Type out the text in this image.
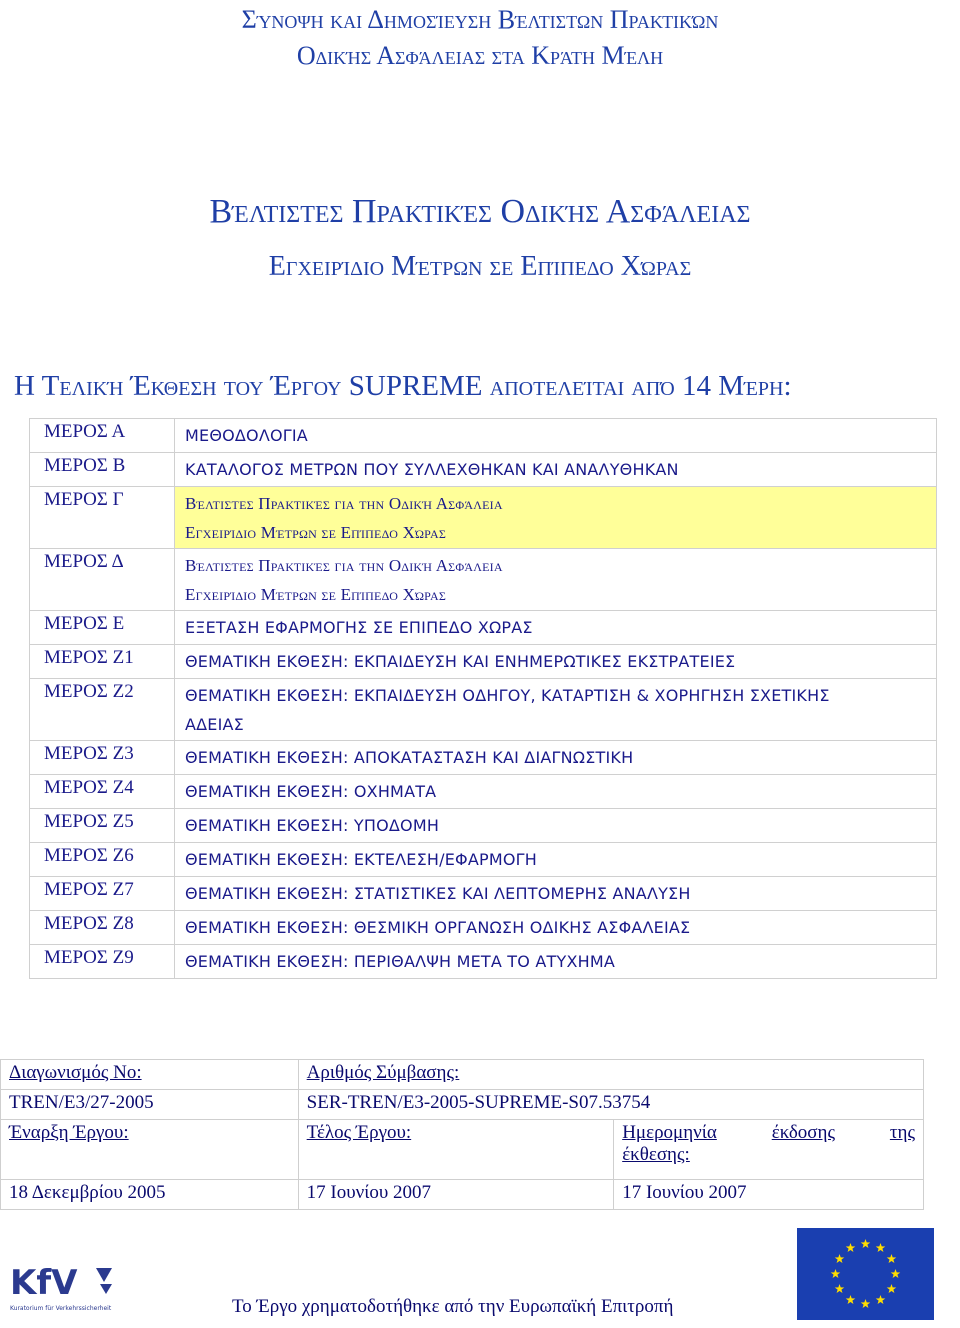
Σύνοψη και Δημοσίευση Βέλτιστων Πρακτικών
Οδικής Ασφάλειας στα Κράτη Μέλη
Βέλτιστες Πρακτικές Οδικής Ασφάλειας
Εγχειρίδιο Μέτρων σε Επίπεδο Χώρας
Η Τελική Έκθεση του Έργου SUPREME αποτελείται από 14 Μέρη:
ΜΕΡΟΣ Α	ΜΕΘΟΔΟΛΟΓΙΑ

ΜΕΡΟΣ Β	ΚΑΤΑΛΟΓΟΣ ΜΕΤΡΩΝ ΠΟΥ ΣΥΛΛΕΧΘΗΚΑΝ ΚΑΙ ΑΝΑΛΥΘΗΚΑΝ

ΜΕΡΟΣ Γ	Βέλτιστες Πρακτικές για την Οδική Ασφάλεια
Εγχειρίδιο Μέτρων σε Επίπεδο Χώρας

ΜΕΡΟΣ Δ	Βέλτιστες Πρακτικές για την Οδική Ασφάλεια
Εγχειρίδιο Μέτρων σε Επίπεδο Χώρας

ΜΕΡΟΣ Ε	ΕΞΕΤΑΣΗ ΕΦΑΡΜΟΓΗΣ ΣΕ ΕΠΙΠΕΔΟ ΧΩΡΑΣ

ΜΕΡΟΣ Ζ1	ΘΕΜΑΤΙΚΗ ΕΚΘΕΣΗ: ΕΚΠΑΙΔΕΥΣΗ ΚΑΙ ΕΝΗΜΕΡΩΤΙΚΕΣ ΕΚΣΤΡΑΤΕΙΕΣ

ΜΕΡΟΣ Ζ2	ΘΕΜΑΤΙΚΗ ΕΚΘΕΣΗ: ΕΚΠΑΙΔΕΥΣΗ ΟΔΗΓΟΥ, ΚΑΤΑΡΤΙΣΗ & ΧΟΡΗΓΗΣΗ ΣΧΕΤΙΚΗΣ
ΑΔΕΙΑΣ

ΜΕΡΟΣ Ζ3	ΘΕΜΑΤΙΚΗ ΕΚΘΕΣΗ: ΑΠΟΚΑΤΑΣΤΑΣΗ ΚΑΙ ΔΙΑΓΝΩΣΤΙΚΗ

ΜΕΡΟΣ Ζ4	ΘΕΜΑΤΙΚΗ ΕΚΘΕΣΗ: ΟΧΗΜΑΤΑ

ΜΕΡΟΣ Ζ5	ΘΕΜΑΤΙΚΗ ΕΚΘΕΣΗ: ΥΠΟΔΟΜΗ

ΜΕΡΟΣ Ζ6	ΘΕΜΑΤΙΚΗ ΕΚΘΕΣΗ: ΕΚΤΕΛΕΣΗ/ΕΦΑΡΜΟΓΗ

ΜΕΡΟΣ Ζ7	ΘΕΜΑΤΙΚΗ ΕΚΘΕΣΗ: ΣΤΑΤΙΣΤΙΚΕΣ ΚΑΙ ΛΕΠΤΟΜΕΡΗΣ ΑΝΑΛΥΣΗ

ΜΕΡΟΣ Ζ8	ΘΕΜΑΤΙΚΗ ΕΚΘΕΣΗ: ΘΕΣΜΙΚΗ ΟΡΓΑΝΩΣΗ ΟΔΙΚΗΣ ΑΣΦΑΛΕΙΑΣ

ΜΕΡΟΣ Ζ9	ΘΕΜΑΤΙΚΗ ΕΚΘΕΣΗ: ΠΕΡΙΘΑΛΨΗ ΜΕΤΑ ΤΟ ΑΤΥΧΗΜΑ
Διαγωνισμός Νο:	Αριθμός Σύμβασης:	
TREN/E3/27-2005	SER-TREN/E3-2005-SUPREME-S07.53754	
Έναρξη Έργου:	Τέλος Έργου:	Ημερομηνία έκδοσης της
έκθεσης:
18 Δεκεμβρίου 2005	17 Ιουνίου 2007	17 Ιουνίου 2007
KfV
Kuratorium für Verkehrssicherheit	Το Έργο χρηματοδοτήθηκε από την Ευρωπαϊκή Επιτροπή
